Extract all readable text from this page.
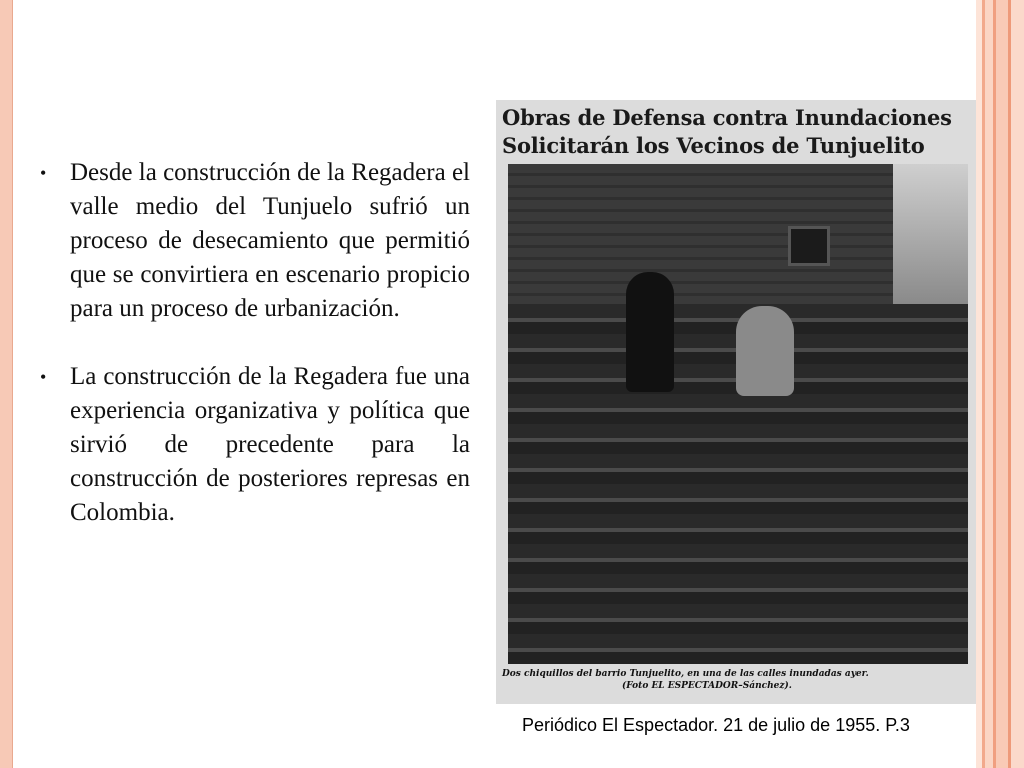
• Desde la construcción de la Regadera el valle medio del Tunjuelo sufrió un proceso de desecamiento que permitió que se convirtiera en escenario propicio para un proceso de urbanización.
• La construcción de la Regadera fue una experiencia organizativa y política que sirvió de precedente para la construcción de posteriores represas en Colombia.
Obras de Defensa contra Inundaciones
Solicitarán los Vecinos de Tunjuelito
Dos chiquillos del barrio Tunjuelito, en una de las calles inundadas ayer.
(Foto EL ESPECTADOR–Sánchez).
Periódico El Espectador. 21 de julio de 1955. P.3
